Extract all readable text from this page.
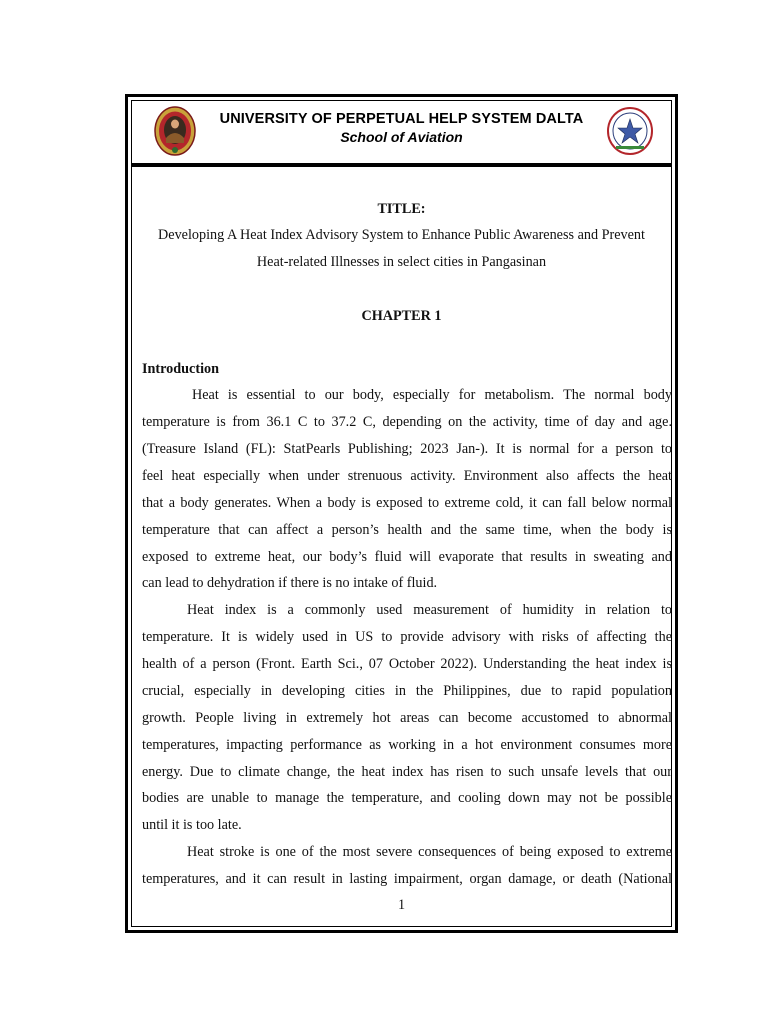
UNIVERSITY OF PERPETUAL HELP SYSTEM DALTA
School of Aviation
TITLE:
Developing A Heat Index Advisory System to Enhance Public Awareness and Prevent
Heat-related Illnesses in select cities in Pangasinan
CHAPTER 1
Introduction
Heat is essential to our body, especially for metabolism. The normal body
temperature is from 36.1 C to 37.2 C, depending on the activity, time of day and age.
(Treasure Island (FL): StatPearls Publishing; 2023 Jan-). It is normal for a person to
feel heat especially when under strenuous activity. Environment also affects the heat
that a body generates. When a body is exposed to extreme cold, it can fall below normal
temperature that can affect a person’s health and the same time, when the body is
exposed to extreme heat, our body’s fluid will evaporate that results in sweating and
can lead to dehydration if there is no intake of fluid.
Heat index is a commonly used measurement of humidity in relation to
temperature. It is widely used in US to provide advisory with risks of affecting the
health of a person (Front. Earth Sci., 07 October 2022). Understanding the heat index is
crucial, especially in developing cities in the Philippines, due to rapid population
growth. People living in extremely hot areas can become accustomed to abnormal
temperatures, impacting performance as working in a hot environment consumes more
energy. Due to climate change, the heat index has risen to such unsafe levels that our
bodies are unable to manage the temperature, and cooling down may not be possible
until it is too late.
Heat stroke is one of the most severe consequences of being exposed to extreme
temperatures, and it can result in lasting impairment, organ damage, or death (National
1
